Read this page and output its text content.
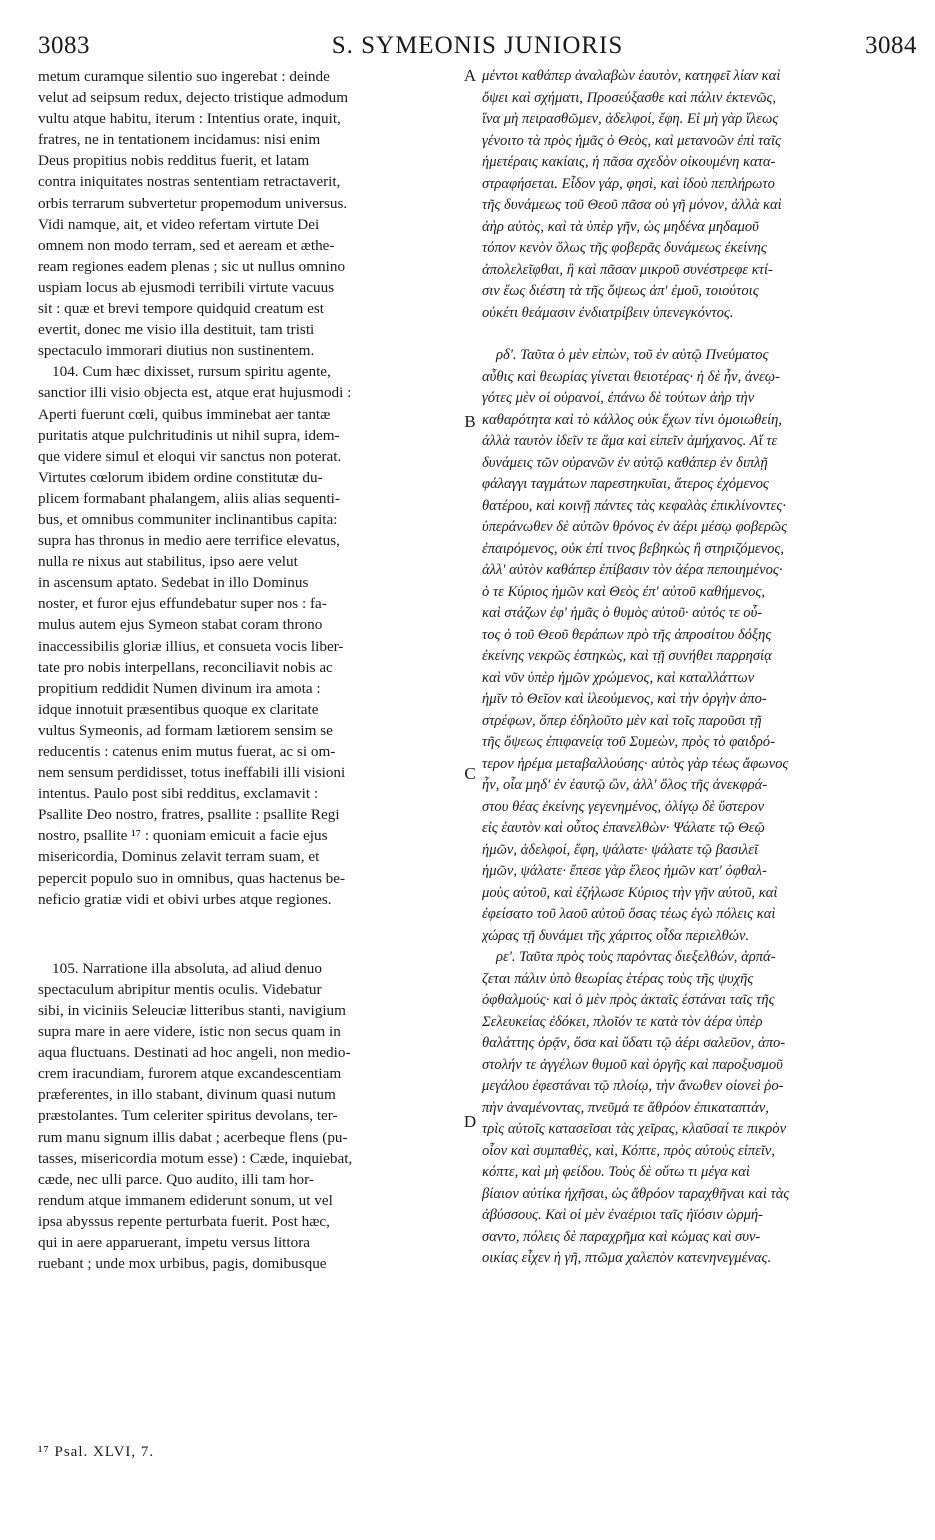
3083	S. SYMEONIS JUNIORIS	3084
metum curamque silentio suo ingerebat : deinde
velut ad seipsum redux, dejecto tristique admodum
vultu atque habitu, iterum : Intentius orate, inquit,
fratres, ne in tentationem incidamus: nisi enim
Deus propitius nobis redditus fuerit, et latam
contra iniquitates nostras sententiam retractaverit,
orbis terrarum subvertetur propemodum universus.
Vidi namque, ait, et video refertam virtute Dei
omnem non modo terram, sed et aeream et æthe-
ream regiones eadem plenas ; sic ut nullus omnino
uspiam locus ab ejusmodi terribili virtute vacuus
sit : quæ et brevi tempore quidquid creatum est
evertit, donec me visio illa destituit, tam tristi
spectaculo immorari diutius non sustinentem.
104. Cum hæc dixisset, rursum spiritu agente,
sanctior illi visio objecta est, atque erat hujusmodi :
Aperti fuerunt cœli, quibus imminebat aer tantæ
puritatis atque pulchritudinis ut nihil supra, idem-
que videre simul et eloqui vir sanctus non poterat.
Virtutes cœlorum ibidem ordine constitutæ du-
plicem formabant phalangem, aliis alias sequenti-
bus, et omnibus communiter inclinantibus capita:
supra has thronus in medio aere terrifice elevatus,
nulla re nixus aut stabilitus, ipso aere velut
in ascensum aptato. Sedebat in illo Dominus
noster, et furor ejus effundebatur super nos : fa-
mulus autem ejus Symeon stabat coram throno
inaccessibilis gloriæ illius, et consueta vocis liber-
tate pro nobis interpellans, reconciliavit nobis ac
propitium reddidit Numen divinum ira amota :
idque innotuit præsentibus quoque ex claritate
vultus Symeonis, ad formam lætiorem sensim se
reducentis : catenus enim mutus fuerat, ac si om-
nem sensum perdidisset, totus ineffabili illi visioni
intentus. Paulo post sibi redditus, exclamavit :
Psallite Deo nostro, fratres, psallite : psallite Regi
nostro, psallite ¹⁷ : quoniam emicuit a facie ejus
misericordia, Dominus zelavit terram suam, et
pepercit populo suo in omnibus, quas hactenus be-
neficio gratiæ vidi et obivi urbes atque regiones.
105. Narratione illa absoluta, ad aliud denuo
spectaculum abripitur mentis oculis. Videbatur
sibi, in viciniis Seleuciæ litteribus stanti, navigium
supra mare in aere videre, istic non secus quam in
aqua fluctuans. Destinati ad hoc angeli, non medio-
crem iracundiam, furorem atque excandescentiam
præferentes, in illo stabant, divinum quasi nutum
præstolantes. Tum celeriter spiritus devolans, ter-
rum manu signum illis dabat ; acerbeque flens (pu-
tasses, misericordia motum esse) : Cæde, inquiebat,
cæde, nec ulli parce. Quo audito, illi tam hor-
rendum atque immanem ediderunt sonum, ut vel
ipsa abyssus repente perturbata fuerit. Post hæc,
qui in aere apparuerant, impetu versus littora
ruebant ; unde mox urbibus, pagis, domibusque
μέντοι καθάπερ ἀναλαβὼν ἑαυτὸν, κατηφεῖ λίαν καὶ
ὄψει καὶ σχήματι, Προσεύξασθε καὶ πάλιν ἐκτενῶς,
ἵνα μὴ πειρασθῶμεν, ἀδελφοί, ἔφη. Εἰ μὴ γὰρ ἵλεως
γένοιτο τὰ πρὸς ἡμᾶς ὁ Θεὸς, καὶ μετανοῶν ἐπὶ ταῖς
ἡμετέραις κακίαις, ἡ πᾶσα σχεδὸν οἰκουμένη κατα-
στραφήσεται. Εἶδον γάρ, φησὶ, καὶ ἰδοὺ πεπλήρωτο
τῆς δυνάμεως τοῦ Θεοῦ πᾶσα οὐ γῆ μόνον, ἀλλὰ καὶ
ἀὴρ αὐτὸς, καὶ τὰ ὑπὲρ γῆν, ὡς μηδένα μηδαμοῦ
τόπον κενὸν ὅλως τῆς φοβερᾶς δυνάμεως ἐκείνης
ἀπολελεῖφθαι, ἣ καὶ πᾶσαν μικροῦ συνέστρεφε κτί-
σιν ἕως διέστη τὰ τῆς ὄψεως ἀπ' ἐμοῦ, τοιούτοις
οὐκέτι θεάμασιν ἐνδιατρίβειν ὑπενεγκόντος.
ρδ'. Ταῦτα ὁ μὲν εἰπὼν, τοῦ ἐν αὐτῷ Πνεύματος
αὖθις καὶ θεωρίας γίνεται θειοτέρας· ἡ δὲ ἦν, ἀνεῳ-
γότες μὲν οἱ οὐρανοί, ἐπάνω δὲ τούτων ἀὴρ τὴν
καθαρότητα καὶ τὸ κάλλος οὐκ ἔχων τίνι ὁμοιωθείη,
ἀλλὰ ταυτὸν ἰδεῖν τε ἅμα καὶ εἰπεῖν ἀμήχανος. Αἵ τε
δυνάμεις τῶν οὐρανῶν ἐν αὐτῷ καθάπερ ἐν διπλῇ
φάλαγγι ταγμάτων παρεστηκυῖαι, ἅτερος ἐχόμενος
θατέρου, καὶ κοινῇ πάντες τὰς κεφαλὰς ἐπικλίνοντες·
ὑπεράνωθεν δὲ αὐτῶν θρόνος ἐν ἀέρι μέσῳ φοβερῶς
ἐπαιρόμενος, οὐκ ἐπί τινος βεβηκὼς ἢ στηριζόμενος,
ἀλλ' αὐτὸν καθάπερ ἐπίβασιν τὸν ἀέρα πεποιημένος·
ὁ τε Κύριος ἡμῶν καὶ Θεὸς ἐπ' αὐτοῦ καθήμενος,
καὶ στάζων ἐφ' ἡμᾶς ὁ θυμὸς αὐτοῦ· αὐτός τε οὗ-
τος ὁ τοῦ Θεοῦ θεράπων πρὸ τῆς ἀπροσίτου δόξης
ἐκείνης νεκρῶς ἑστηκὼς, καὶ τῇ συνήθει παρρησίᾳ
καὶ νῦν ὑπὲρ ἡμῶν χρώμενος, καὶ καταλλάττων
ἡμῖν τὸ Θεῖον καὶ ἱλεούμενος, καὶ τὴν ὀργὴν ἀπο-
στρέφων, ὅπερ ἐδηλοῦτο μὲν καὶ τοῖς παροῦσι τῇ
τῆς ὄψεως ἐπιφανείᾳ τοῦ Συμεὼν, πρὸς τὸ φαιδρό-
τερον ἠρέμα μεταβαλλούσης· αὐτὸς γὰρ τέως ἄφωνος
ἦν, οἷα μηδ' ἐν ἑαυτῷ ὢν, ἀλλ' ὅλος τῆς ἀνεκφρά-
στου θέας ἐκείνης γεγενημένος, ὀλίγῳ δὲ ὕστερον
εἰς ἑαυτὸν καὶ οὗτος ἐπανελθὼν· Ψάλατε τῷ Θεῷ
ἡμῶν, ἀδελφοί, ἔφη, ψάλατε· ψάλατε τῷ βασιλεῖ
ἡμῶν, ψάλατε· ἔπεσε γὰρ ἔλεος ἡμῶν κατ' ὀφθαλ-
μοὺς αὐτοῦ, καὶ ἐζήλωσε Κύριος τὴν γῆν αὐτοῦ, καὶ
ἐφείσατο τοῦ λαοῦ αὐτοῦ ὅσας τέως ἐγὼ πόλεις καὶ
χώρας τῇ δυνάμει τῆς χάριτος οἶδα περιελθών.
ρε'. Ταῦτα πρὸς τοὺς παρόντας διεξελθών, ἁρπά-
ζεται πάλιν ὑπὸ θεωρίας ἑτέρας τοὺς τῆς ψυχῆς
ὀφθαλμούς· καὶ ὁ μὲν πρὸς ἀκταῖς ἑστάναι ταῖς τῆς
Σελευκείας ἐδόκει, πλοῖόν τε κατὰ τὸν ἀέρα ὑπὲρ
θαλάττης ὁρᾷν, ὅσα καὶ ὕδατι τῷ ἀέρι σαλεῦον, ἀπο-
στολήν τε ἀγγέλων θυμοῦ καὶ ὀργῆς καὶ παροξυσμοῦ
μεγάλου ἐφεστάναι τῷ πλοίῳ, τὴν ἄνωθεν οἱονεὶ ῥο-
πὴν ἀναμένοντας, πνεῦμά τε ἄθρόον ἐπικαταπτάν,
τρὶς αὐτοῖς κατασεῖσαι τὰς χεῖρας, κλαῦσαί τε πικρὸν
οἷον καὶ συμπαθὲς, καὶ, Κόπτε, πρὸς αὐτοὺς εἰπεῖν,
κόπτε, καὶ μὴ φείδου. Τοὺς δὲ οὕτω τι μέγα καὶ
βίαιον αὐτίκα ἠχῆσαι, ὡς ἄθρόον ταραχθῆναι καὶ τὰς
ἀβύσσους. Καὶ οἱ μὲν ἐναέριοι ταῖς ἠϊόσιν ὡρμή-
σαντο, πόλεις δὲ παραχρῆμα καὶ κώμας καὶ συν-
οικίας εἶχεν ἡ γῆ, πτῶμα χαλεπὸν κατενηνεγμένας.
A
B
C
D
¹⁷ Psal. XLVI, 7.
